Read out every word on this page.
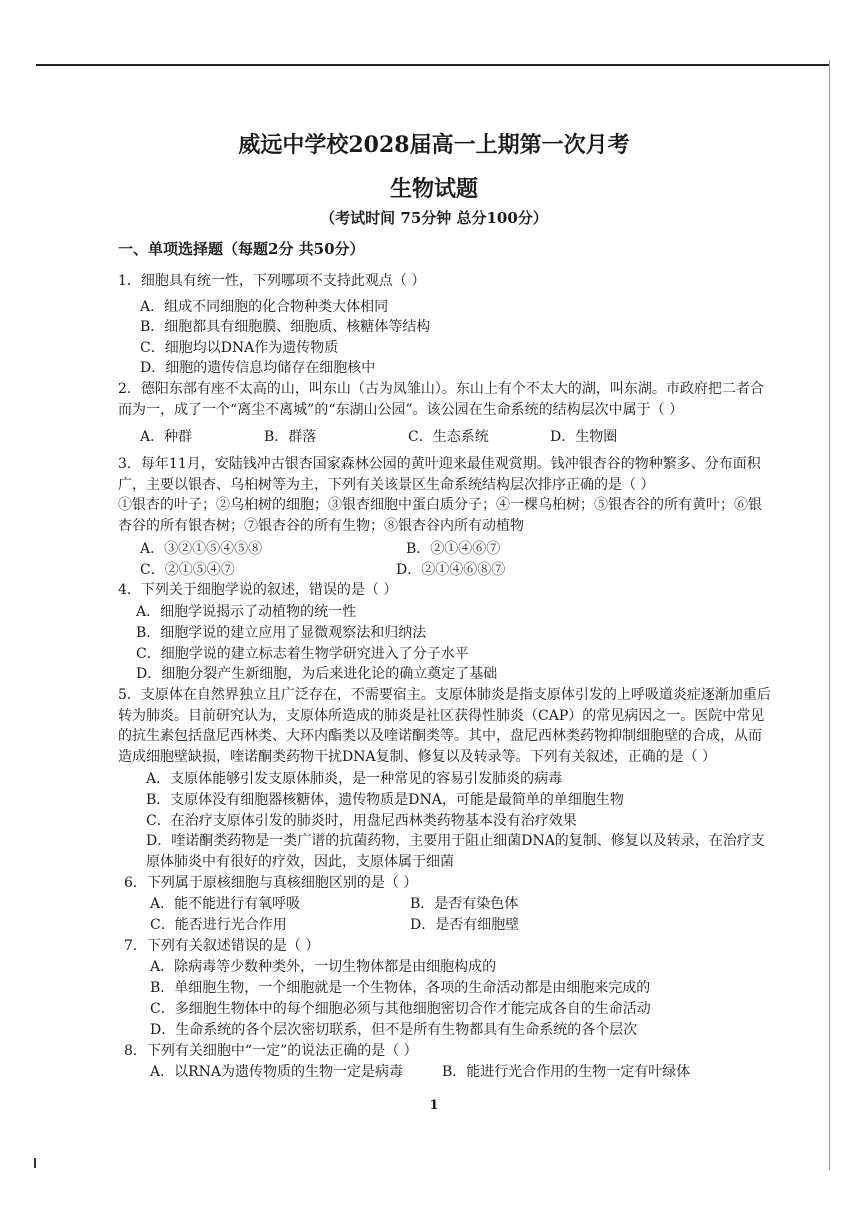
威远中学校2028届高一上期第一次月考
生物试题
（考试时间 75分钟 总分100分）
一、单项选择题（每题2分 共50分）
1．细胞具有统一性，下列哪项不支持此观点（ ）
A．组成不同细胞的化合物种类大体相同
B．细胞都具有细胞膜、细胞质、核糖体等结构
C．细胞均以DNA作为遗传物质
D．细胞的遗传信息均储存在细胞核中
2．德阳东部有座不太高的山，叫东山（古为凤雏山）。东山上有个不太大的湖，叫东湖。市政府把二者合
而为一，成了一个“离尘不离城”的“东湖山公园”。该公园在生命系统的结构层次中属于（ ）
A．种群	B．群落	C．生态系统	D．生物圈
3．每年11月，安陆钱冲古银杏国家森林公园的黄叶迎来最佳观赏期。钱冲银杏谷的物种繁多、分布面积
广，主要以银杏、乌桕树等为主，下列有关该景区生命系统结构层次排序正确的是（ ）
①银杏的叶子；②乌桕树的细胞；③银杏细胞中蛋白质分子；④一棵乌桕树；⑤银杏谷的所有黄叶；⑥银
杏谷的所有银杏树；⑦银杏谷的所有生物；⑧银杏谷内所有动植物
A．③②①⑤④⑤⑧	B．②①④⑥⑦
C．②①⑤④⑦	D．②①④⑥⑧⑦
4．下列关于细胞学说的叙述，错误的是（ ）
A．细胞学说揭示了动植物的统一性
B．细胞学说的建立应用了显微观察法和归纳法
C．细胞学说的建立标志着生物学研究进入了分子水平
D．细胞分裂产生新细胞，为后来进化论的确立奠定了基础
5．支原体在自然界独立且广泛存在，不需要宿主。支原体肺炎是指支原体引发的上呼吸道炎症逐渐加重后
转为肺炎。目前研究认为，支原体所造成的肺炎是社区获得性肺炎（CAP）的常见病因之一。医院中常见
的抗生素包括盘尼西林类、大环内酯类以及喹诺酮类等。其中，盘尼西林类药物抑制细胞壁的合成，从而
造成细胞壁缺损，喹诺酮类药物干扰DNA复制、修复以及转录等。下列有关叙述，正确的是（ ）
A．支原体能够引发支原体肺炎，是一种常见的容易引发肺炎的病毒
B．支原体没有细胞器核糖体，遗传物质是DNA，可能是最简单的单细胞生物
C．在治疗支原体引发的肺炎时，用盘尼西林类药物基本没有治疗效果
D．喹诺酮类药物是一类广谱的抗菌药物，主要用于阻止细菌DNA的复制、修复以及转录，在治疗支
原体肺炎中有很好的疗效，因此，支原体属于细菌
6．下列属于原核细胞与真核细胞区别的是（ ）
A．能不能进行有氧呼吸	B．是否有染色体
C．能否进行光合作用	D．是否有细胞壁
7．下列有关叙述错误的是（ ）
A．除病毒等少数种类外，一切生物体都是由细胞构成的
B．单细胞生物，一个细胞就是一个生物体，各项的生命活动都是由细胞来完成的
C．多细胞生物体中的每个细胞必须与其他细胞密切合作才能完成各自的生命活动
D．生命系统的各个层次密切联系，但不是所有生物都具有生命系统的各个层次
8．下列有关细胞中“一定”的说法正确的是（ ）
A．以RNA为遗传物质的生物一定是病毒	B．能进行光合作用的生物一定有叶绿体
1
